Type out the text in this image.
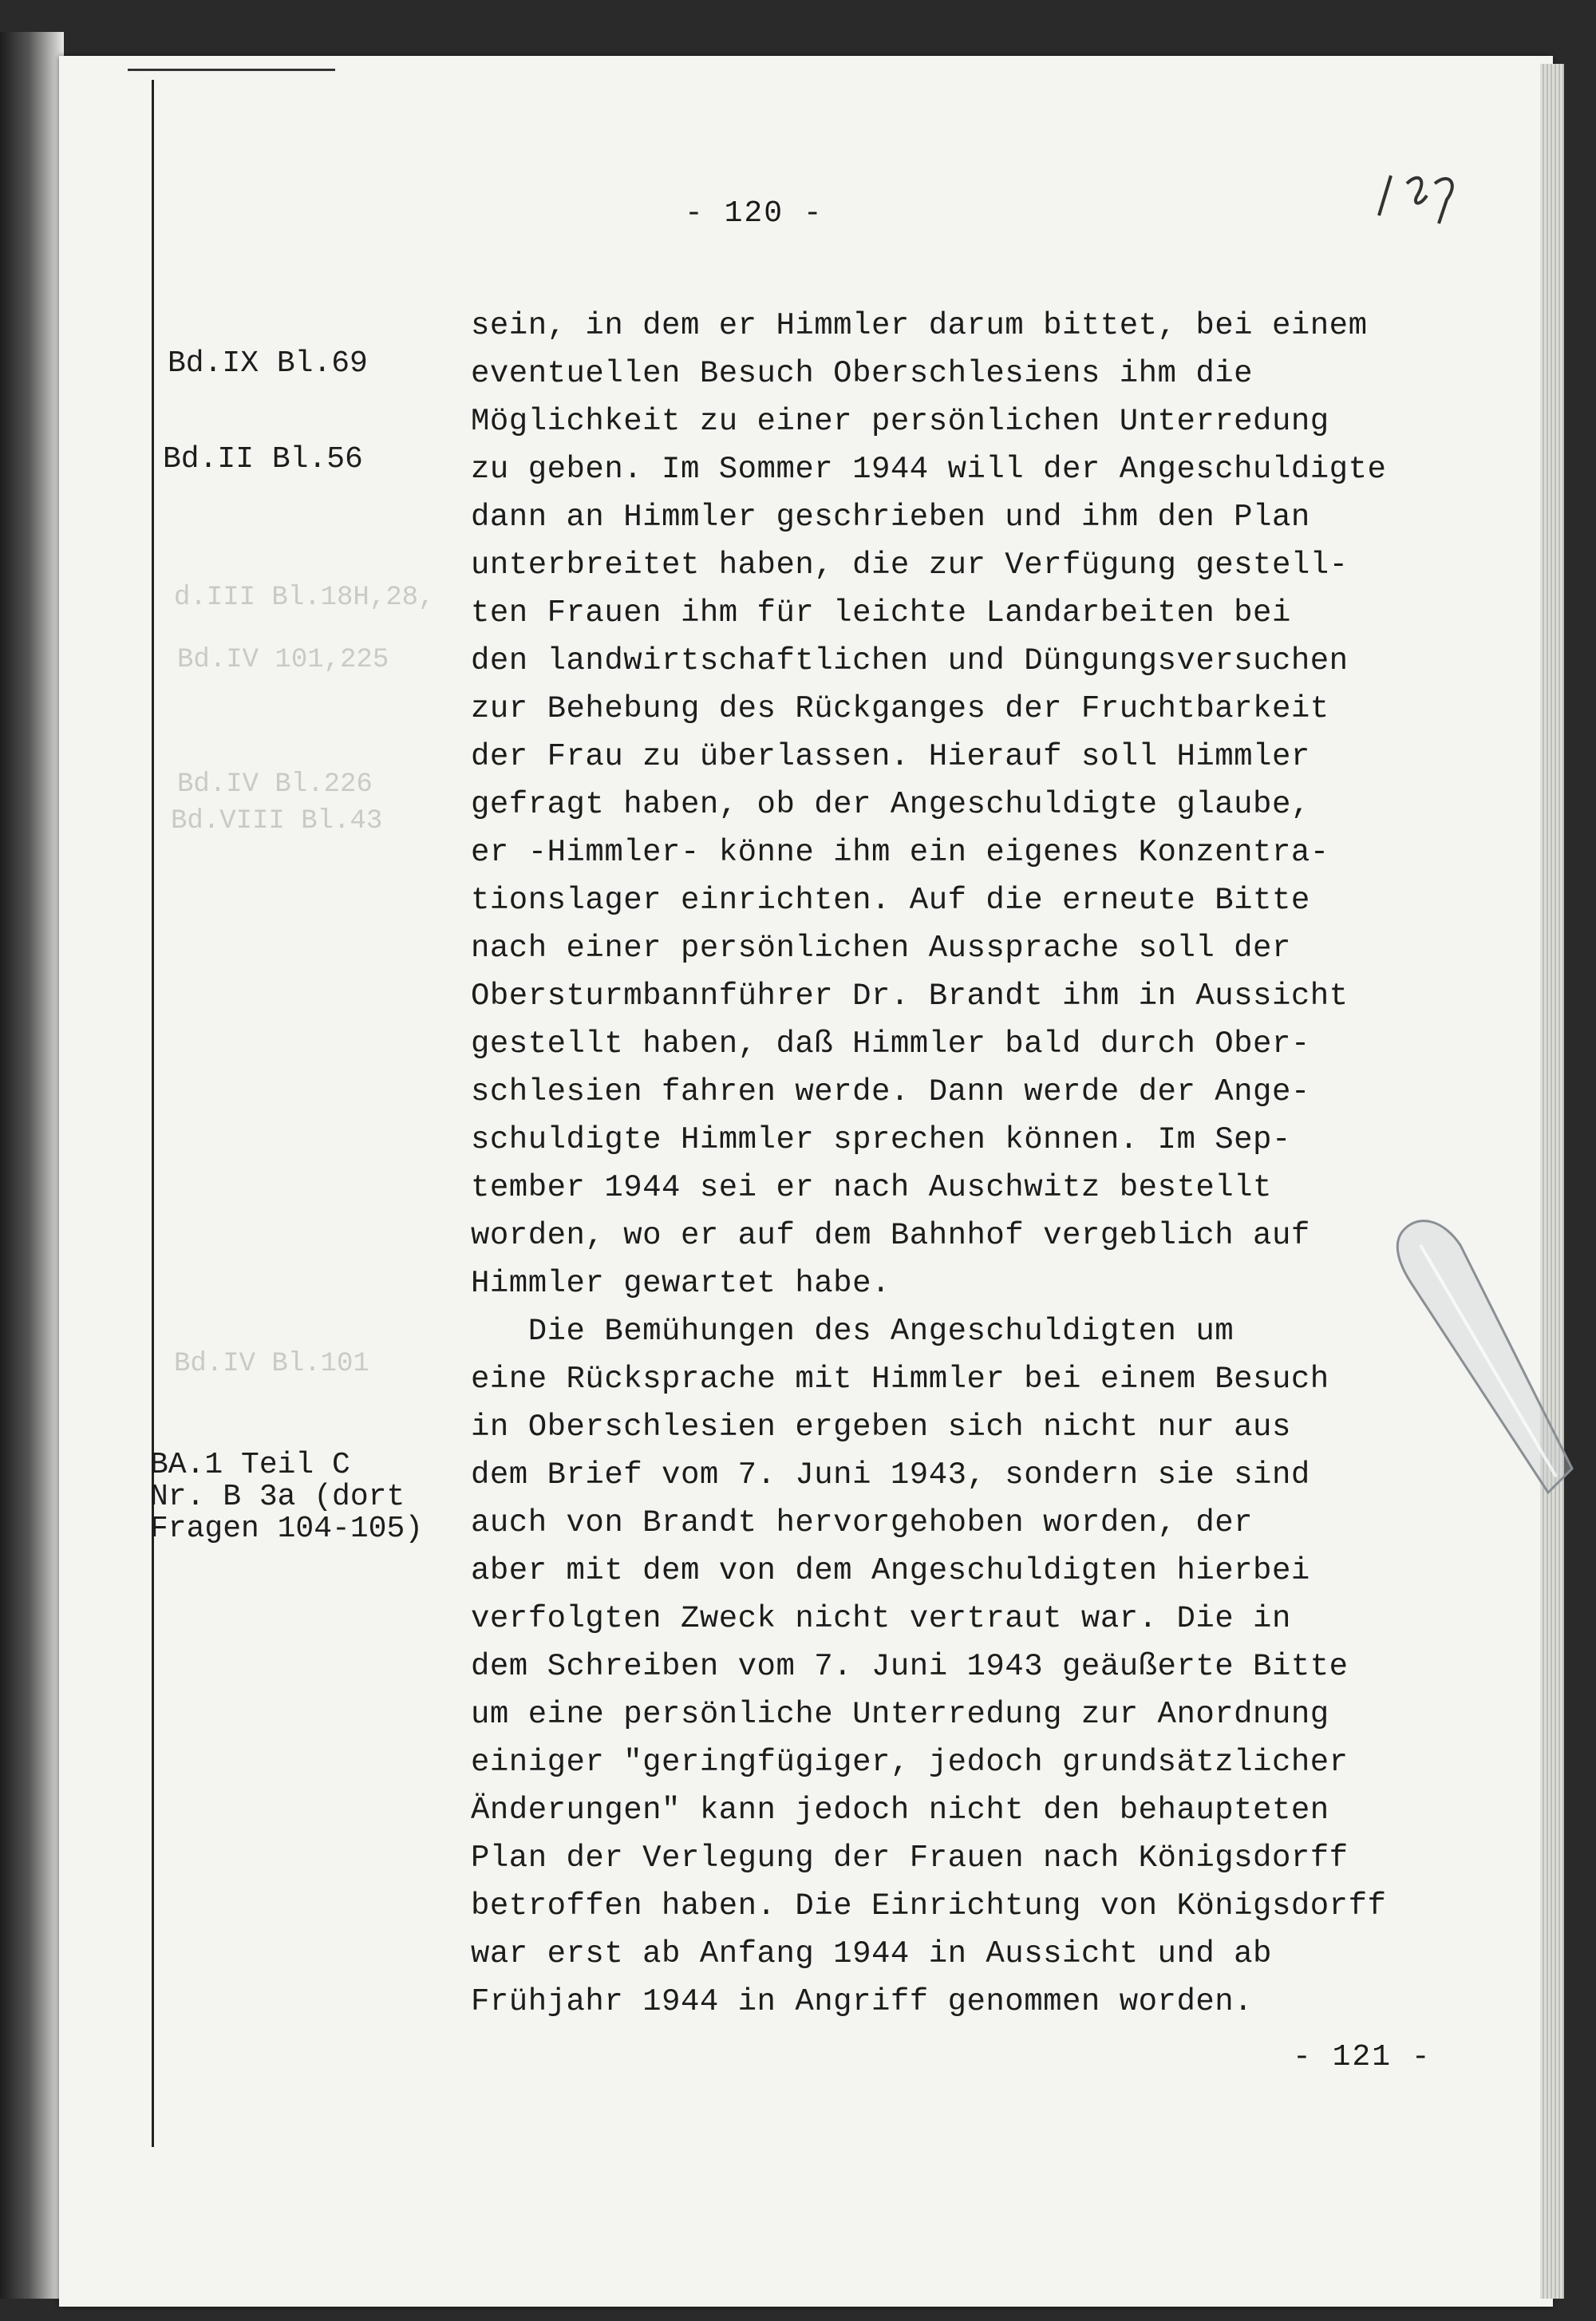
d.III Bl.18H,28,
Bd.IV 101,225
Bd.IV Bl.226
Bd.VIII Bl.43
Bd.IV Bl.101
- 120 -
Bd.IX Bl.69
Bd.II Bl.56
BA.1 Teil C
Nr. B 3a (dort
Fragen 104-105)
sein, in dem er Himmler darum bittet, bei einem
eventuellen Besuch Oberschlesiens ihm die
Möglichkeit zu einer persönlichen Unterredung
zu geben. Im Sommer 1944 will der Angeschuldigte
dann an Himmler geschrieben und ihm den Plan
unterbreitet haben, die zur Verfügung gestell-
ten Frauen ihm für leichte Landarbeiten bei
den landwirtschaftlichen und Düngungsversuchen
zur Behebung des Rückganges der Fruchtbarkeit
der Frau zu überlassen. Hierauf soll Himmler
gefragt haben, ob der Angeschuldigte glaube,
er -Himmler- könne ihm ein eigenes Konzentra-
tionslager einrichten. Auf die erneute Bitte
nach einer persönlichen Aussprache soll der
Obersturmbannführer Dr. Brandt ihm in Aussicht
gestellt haben, daß Himmler bald durch Ober-
schlesien fahren werde. Dann werde der Ange-
schuldigte Himmler sprechen können. Im Sep-
tember 1944 sei er nach Auschwitz bestellt
worden, wo er auf dem Bahnhof vergeblich auf
Himmler gewartet habe.
Die Bemühungen des Angeschuldigten um
eine Rücksprache mit Himmler bei einem Besuch
in Oberschlesien ergeben sich nicht nur aus
dem Brief vom 7. Juni 1943, sondern sie sind
auch von Brandt hervorgehoben worden, der
aber mit dem von dem Angeschuldigten hierbei
verfolgten Zweck nicht vertraut war. Die in
dem Schreiben vom 7. Juni 1943 geäußerte Bitte
um eine persönliche Unterredung zur Anordnung
einiger "geringfügiger, jedoch grundsätzlicher
Änderungen" kann jedoch nicht den behaupteten
Plan der Verlegung der Frauen nach Königsdorff
betroffen haben. Die Einrichtung von Königsdorff
war erst ab Anfang 1944 in Aussicht und ab
Frühjahr 1944 in Angriff genommen worden.
- 121 -
